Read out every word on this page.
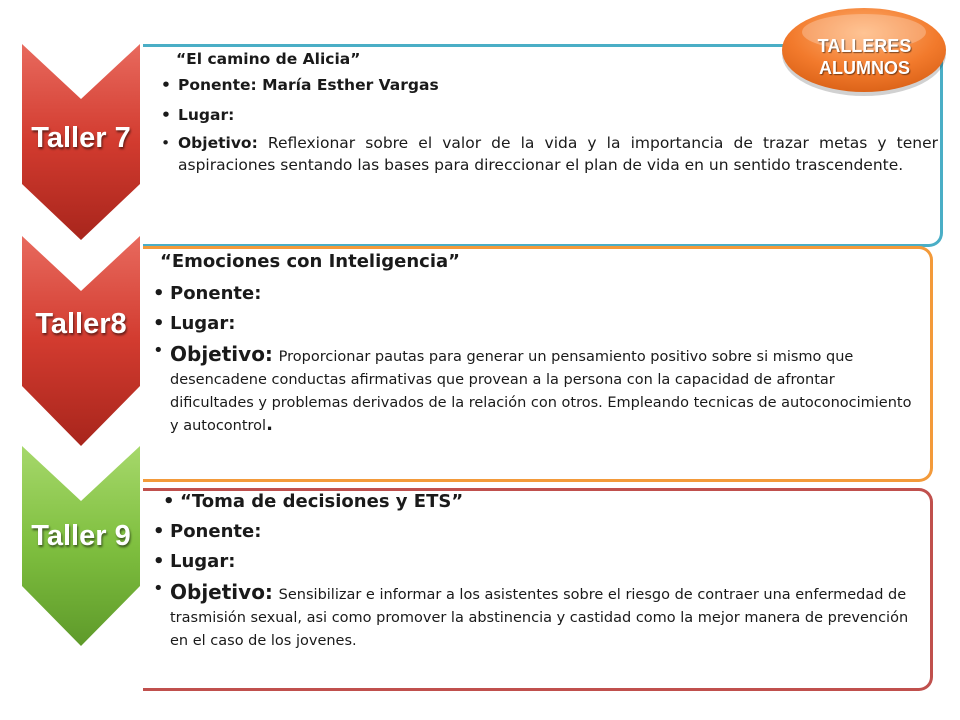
Taller 7
Taller8
Taller 9
“El camino de Alicia”
• Ponente: María Esther Vargas
• Lugar:
• Objetivo: Reflexionar sobre el valor de la vida y la importancia de trazar metas y tener aspiraciones sentando las bases para direccionar el plan de vida en un sentido trascendente.
“Emociones con Inteligencia”
• Ponente:
• Lugar:
• Objetivo: Proporcionar pautas para generar un pensamiento positivo sobre si mismo que desencadene conductas afirmativas que provean a la persona con la capacidad de afrontar dificultades y problemas derivados de la relación con otros. Empleando tecnicas de autoconocimiento y autocontrol.
• “Toma de decisiones y ETS”
• Ponente:
• Lugar:
• Objetivo: Sensibilizar e informar a los asistentes sobre el riesgo de contraer una enfermedad de trasmisión sexual, asi como promover la abstinencia y castidad como la mejor manera de prevención en el caso de los jovenes.
TALLERES
ALUMNOS
